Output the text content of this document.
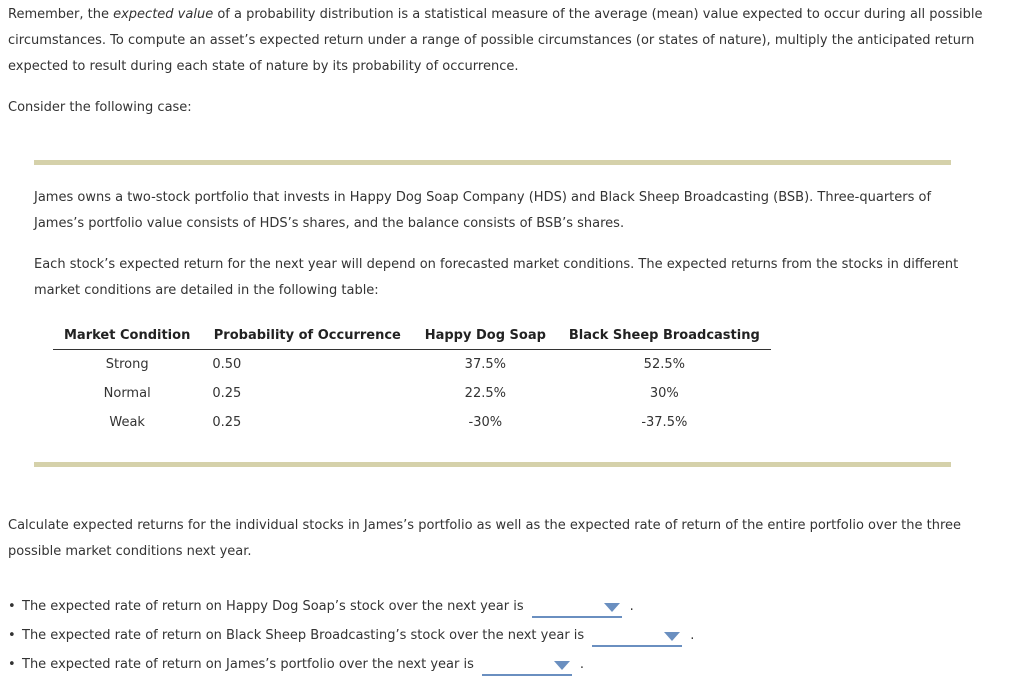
Remember, the expected value of a probability distribution is a statistical measure of the average (mean) value expected to occur during all possible circumstances. To compute an asset’s expected return under a range of possible circumstances (or states of nature), multiply the anticipated return expected to result during each state of nature by its probability of occurrence.

Consider the following case:

James owns a two-stock portfolio that invests in Happy Dog Soap Company (HDS) and Black Sheep Broadcasting (BSB). Three-quarters of James’s portfolio value consists of HDS’s shares, and the balance consists of BSB’s shares.

Each stock’s expected return for the next year will depend on forecasted market conditions. The expected returns from the stocks in different market conditions are detailed in the following table:

Market Condition	Probability of Occurrence	Happy Dog Soap	Black Sheep Broadcasting
Strong	0.50	37.5%	52.5%
Normal	0.25	22.5%	30%
Weak	0.25	-30%	-37.5%

Calculate expected returns for the individual stocks in James’s portfolio as well as the expected rate of return of the entire portfolio over the three possible market conditions next year.

• The expected rate of return on Happy Dog Soap’s stock over the next year is	.
• The expected rate of return on Black Sheep Broadcasting’s stock over the next year is	.
• The expected rate of return on James’s portfolio over the next year is	.
